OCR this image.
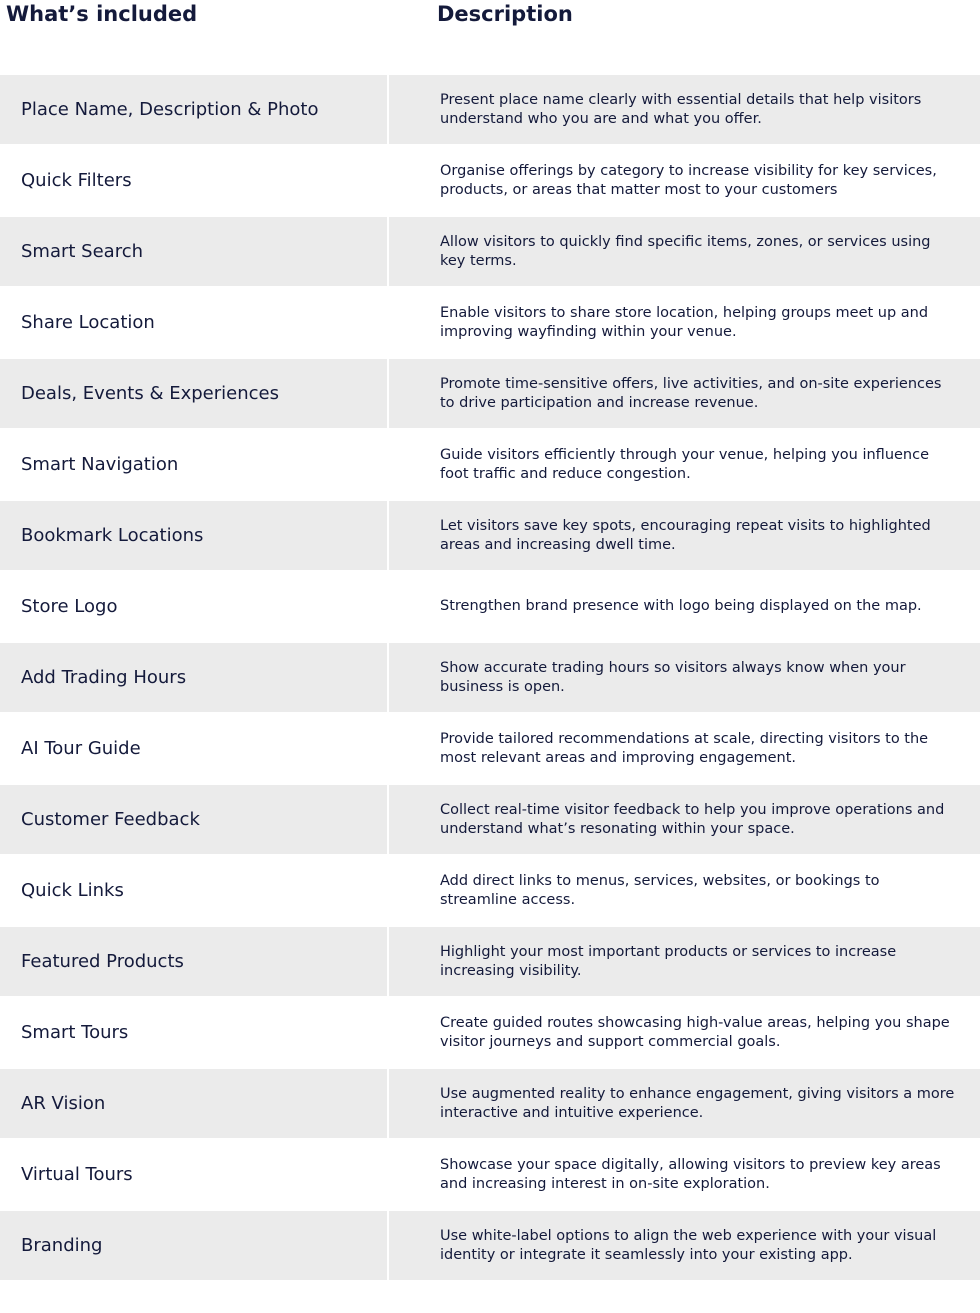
What’s included	Description
Place Name, Description & Photo	Present place name clearly with essential details that help visitors understand who you are and what you offer.
Quick Filters	Organise offerings by category to increase visibility for key services, products, or areas that matter most to your customers
Smart Search	Allow visitors to quickly find specific items, zones, or services using key terms.
Share Location	Enable visitors to share store location, helping groups meet up and improving wayfinding within your venue.
Deals, Events & Experiences	Promote time-sensitive offers, live activities, and on-site experiences to drive participation and increase revenue.
Smart Navigation	Guide visitors efficiently through your venue, helping you influence foot traffic and reduce congestion.
Bookmark Locations	Let visitors save key spots, encouraging repeat visits to highlighted areas and increasing dwell time.
Store Logo	Strengthen brand presence with logo being displayed on the map.
Add Trading Hours	Show accurate trading hours so visitors always know when your business is open.
AI Tour Guide	Provide tailored recommendations at scale, directing visitors to the most relevant areas and improving engagement.
Customer Feedback	Collect real-time visitor feedback to help you improve operations and understand what’s resonating within your space.
Quick Links	Add direct links to menus, services, websites, or bookings to streamline access.
Featured Products	Highlight your most important products or services to increase increasing visibility.
Smart Tours	Create guided routes showcasing high-value areas, helping you shape visitor journeys and support commercial goals.
AR Vision	Use augmented reality to enhance engagement, giving visitors a more interactive and intuitive experience.
Virtual Tours	Showcase your space digitally, allowing visitors to preview key areas and increasing interest in on-site exploration.
Branding	Use white-label options to align the web experience with your visual identity or integrate it seamlessly into your existing app.
